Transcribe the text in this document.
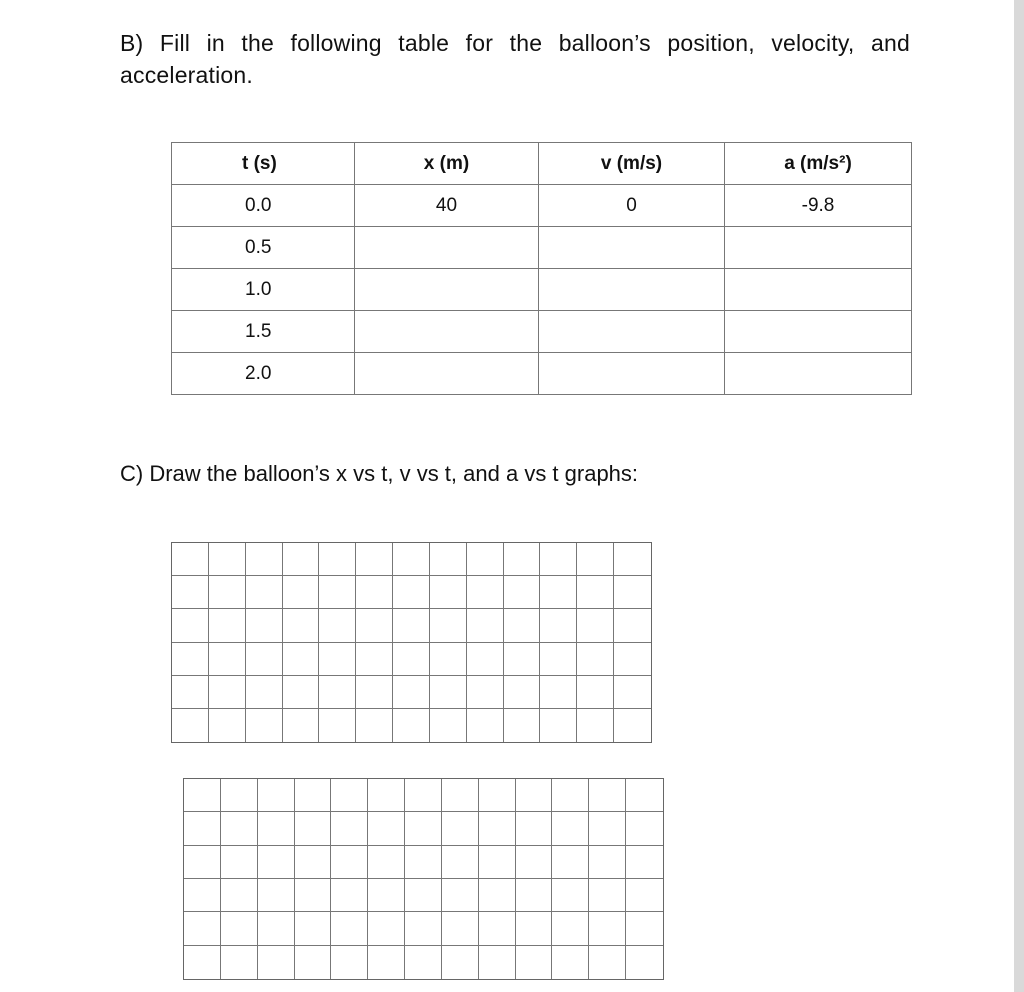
B) Fill in the following table for the balloon’s position, velocity, and acceleration.
t (s)	x (m)	v (m/s)	a (m/s²)
0.0	40	0	-9.8
0.5			
1.0			
1.5			
2.0			
C) Draw the balloon’s x vs t, v vs t, and a vs t graphs:
